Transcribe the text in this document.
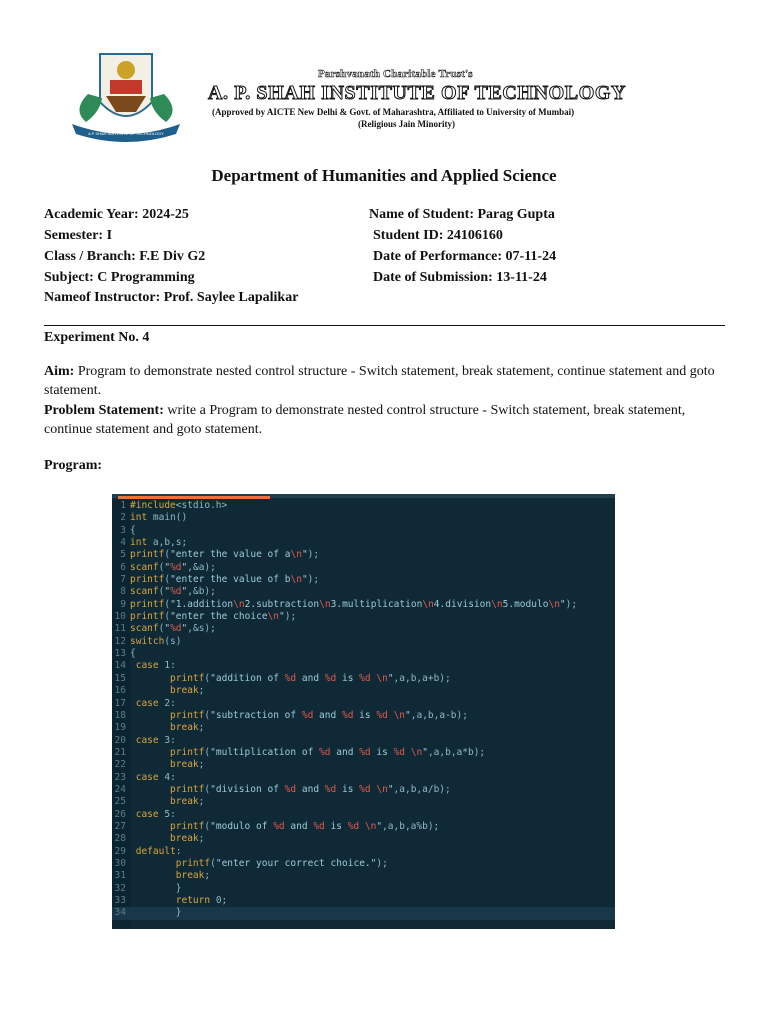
A P SHAH INSTITUTE OF TECHNOLOGY
Parshvanath Charitable Trust's
A. P. SHAH INSTITUTE OF TECHNOLOGY
(Approved by AICTE New Delhi & Govt. of Maharashtra, Affiliated to University of Mumbai)
(Religious Jain Minority)
Department of Humanities and Applied Science
Academic Year: 2024-25
Semester: I
Class / Branch: F.E Div G2
Subject: C Programming
Nameof Instructor: Prof. Saylee Lapalikar
Name of Student: Parag Gupta
Student ID: 24106160
Date of Performance: 07-11-24
Date of Submission: 13-11-24
Experiment No. 4
Aim: Program to demonstrate nested control structure - Switch statement, break statement, continue statement and goto statement.
Problem Statement: write a Program to demonstrate nested control structure - Switch statement, break statement, continue statement and goto statement.
Program:
1 #include<stdio.h>
2 int main()
3 {
4 int a,b,s;
5 printf("enter the value of a\n");
6 scanf("%d",&a);
7 printf("enter the value of b\n");
8 scanf("%d",&b);
9 printf("1.addition\n2.subtraction\n3.multiplication\n4.division\n5.modulo\n");
10 printf("enter the choice\n");
11 scanf("%d",&s);
12 switch(s)
13 {
14 case 1:
15	printf("addition of %d and %d is %d \n",a,b,a+b);
16	break;
17 case 2:
18	printf("subtraction of %d and %d is %d \n",a,b,a-b);
19	break;
20 case 3:
21	printf("multiplication of %d and %d is %d \n",a,b,a*b);
22	break;
23 case 4:
24	printf("division of %d and %d is %d \n",a,b,a/b);
25	break;
26 case 5:
27	printf("modulo of %d and %d is %d \n",a,b,a%b);
28	break;
29 default:
30	printf("enter your correct choice.");
31	break;
32        }
33	return 0;
34        }
